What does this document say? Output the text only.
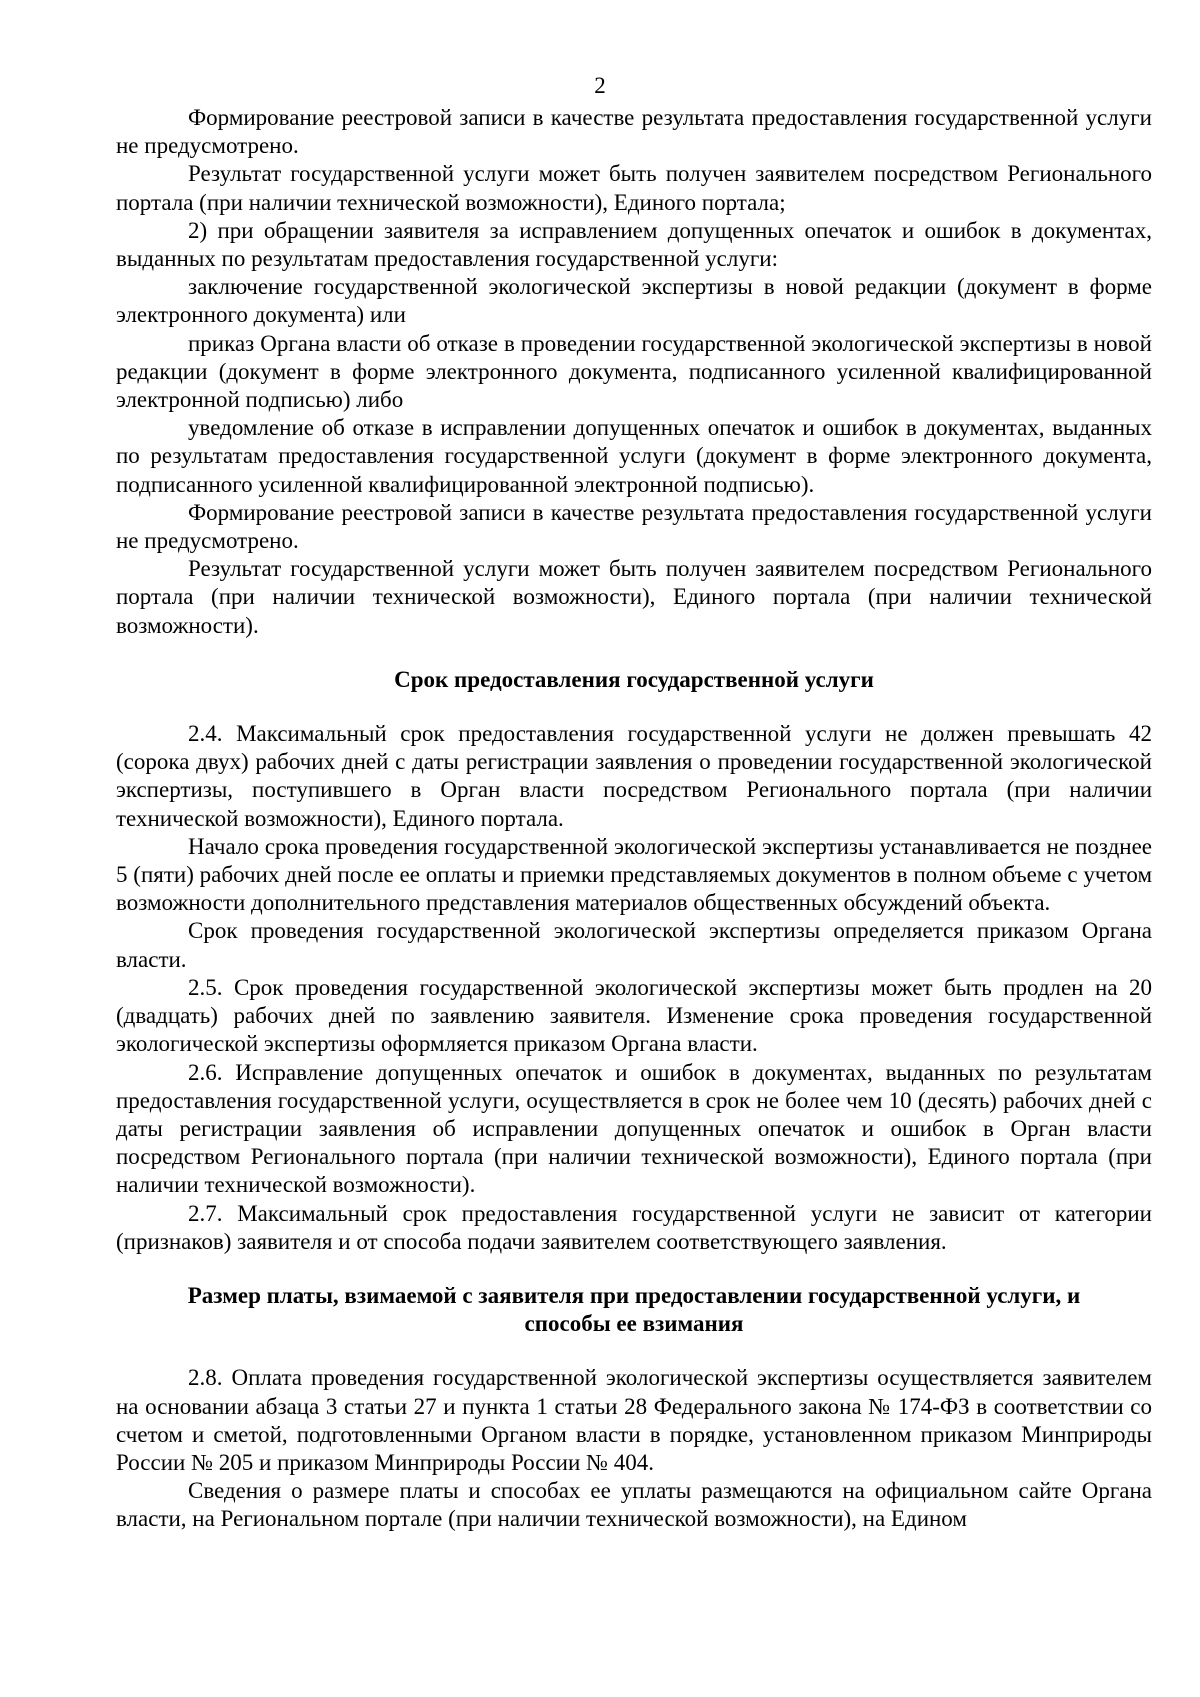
2

Формирование реестровой записи в качестве результата предоставления государственной услуги не предусмотрено.

Результат государственной услуги может быть получен заявителем посредством Регионального портала (при наличии технической возможности), Единого портала;

2) при обращении заявителя за исправлением допущенных опечаток и ошибок в документах, выданных по результатам предоставления государственной услуги:

заключение государственной экологической экспертизы в новой редакции (документ в форме электронного документа) или

приказ Органа власти об отказе в проведении государственной экологической экспертизы в новой редакции (документ в форме электронного документа, подписанного усиленной квалифицированной электронной подписью) либо

уведомление об отказе в исправлении допущенных опечаток и ошибок в документах, выданных по результатам предоставления государственной услуги (документ в форме электронного документа, подписанного усиленной квалифицированной электронной подписью).

Формирование реестровой записи в качестве результата предоставления государственной услуги не предусмотрено.

Результат государственной услуги может быть получен заявителем посредством Регионального портала (при наличии технической возможности), Единого портала (при наличии технической возможности).

Срок предоставления государственной услуги

2.4. Максимальный срок предоставления государственной услуги не должен превышать 42 (сорока двух) рабочих дней с даты регистрации заявления о проведении государственной экологической экспертизы, поступившего в Орган власти посредством Регионального портала (при наличии технической возможности), Единого портала.

Начало срока проведения государственной экологической экспертизы устанавливается не позднее 5 (пяти) рабочих дней после ее оплаты и приемки представляемых документов в полном объеме с учетом возможности дополнительного представления материалов общественных обсуждений объекта.

Срок проведения государственной экологической экспертизы определяется приказом Органа власти.

2.5. Срок проведения государственной экологической экспертизы может быть продлен на 20 (двадцать) рабочих дней по заявлению заявителя. Изменение срока проведения государственной экологической экспертизы оформляется приказом Органа власти.

2.6. Исправление допущенных опечаток и ошибок в документах, выданных по результатам предоставления государственной услуги, осуществляется в срок не более чем 10 (десять) рабочих дней с даты регистрации заявления об исправлении допущенных опечаток и ошибок в Орган власти посредством Регионального портала (при наличии технической возможности), Единого портала (при наличии технической возможности).

2.7. Максимальный срок предоставления государственной услуги не зависит от категории (признаков) заявителя и от способа подачи заявителем соответствующего заявления.

Размер платы, взимаемой с заявителя при предоставлении государственной услуги, и
способы ее взимания

2.8. Оплата проведения государственной экологической экспертизы осуществляется заявителем на основании абзаца 3 статьи 27 и пункта 1 статьи 28 Федерального закона № 174-ФЗ в соответствии со счетом и сметой, подготовленными Органом власти в порядке, установленном приказом Минприроды России № 205 и приказом Минприроды России № 404.

Сведения о размере платы и способах ее уплаты размещаются на официальном сайте Органа власти, на Региональном портале (при наличии технической возможности), на Едином
